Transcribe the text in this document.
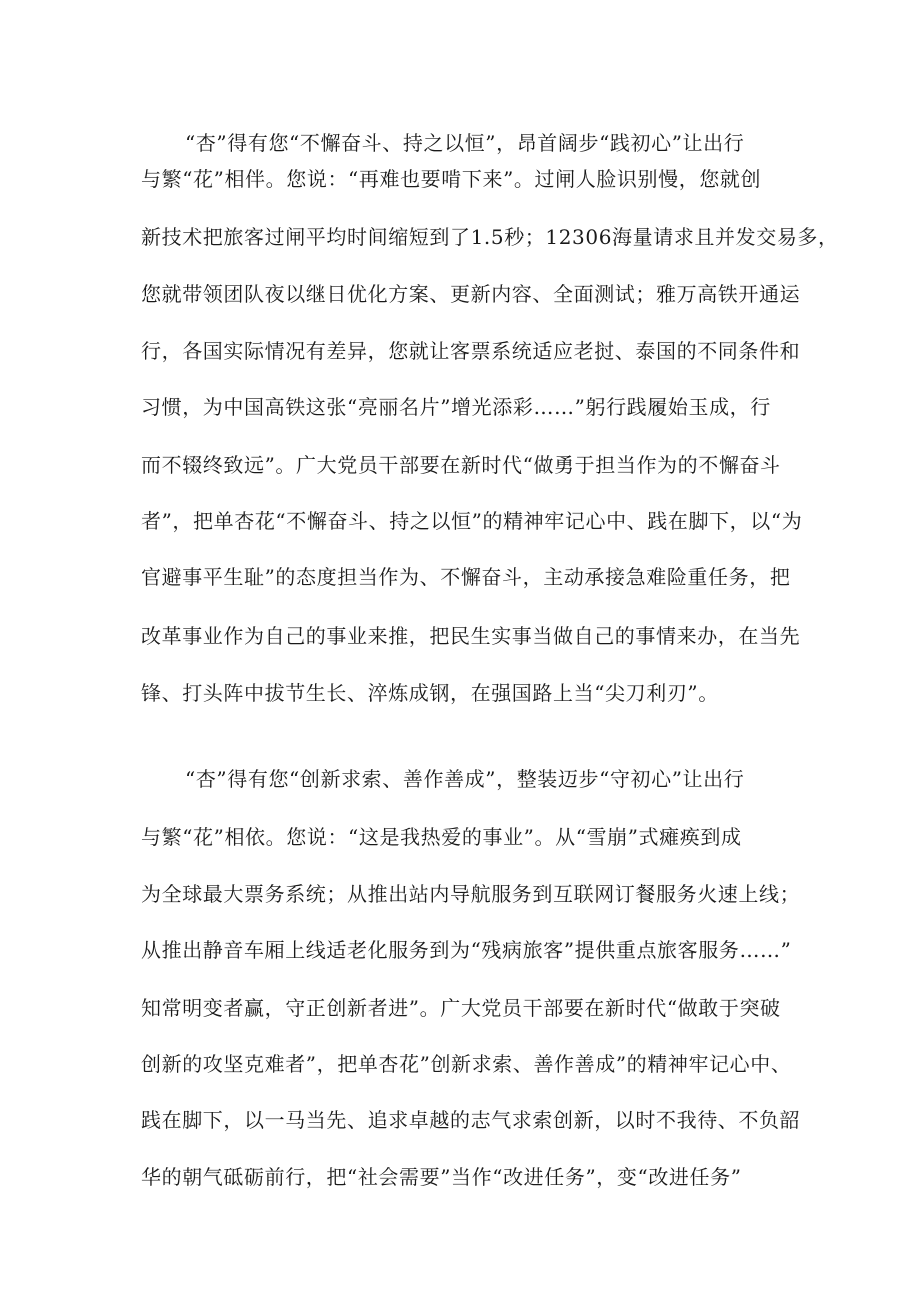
“杏”得有您“不懈奋斗、持之以恒”，昂首阔步“践初心”让出行
与繁“花”相伴。您说：“再难也要啃下来”。过闸人脸识别慢，您就创
新技术把旅客过闸平均时间缩短到了1.5秒；12306海量请求且并发交易多，
您就带领团队夜以继日优化方案、更新内容、全面测试；雅万高铁开通运
行，各国实际情况有差异，您就让客票系统适应老挝、泰国的不同条件和
习惯，为中国高铁这张“亮丽名片”增光添彩……”躬行践履始玉成，行
而不辍终致远”。广大党员干部要在新时代“做勇于担当作为的不懈奋斗
者”，把单杏花“不懈奋斗、持之以恒”的精神牢记心中、践在脚下，以“为
官避事平生耻”的态度担当作为、不懈奋斗，主动承接急难险重任务，把
改革事业作为自己的事业来推，把民生实事当做自己的事情来办，在当先
锋、打头阵中拔节生长、淬炼成钢，在强国路上当“尖刀利刃”。
“杏”得有您“创新求索、善作善成”，整装迈步“守初心”让出行
与繁“花”相依。您说：“这是我热爱的事业”。从“雪崩”式瘫痪到成
为全球最大票务系统；从推出站内导航服务到互联网订餐服务火速上线；
从推出静音车厢上线适老化服务到为“残病旅客”提供重点旅客服务……”
知常明变者赢，守正创新者进”。广大党员干部要在新时代“做敢于突破
创新的攻坚克难者”，把单杏花”创新求索、善作善成”的精神牢记心中、
践在脚下，以一马当先、追求卓越的志气求索创新，以时不我待、不负韶
华的朝气砥砺前行，把“社会需要”当作“改进任务”，变“改进任务”
